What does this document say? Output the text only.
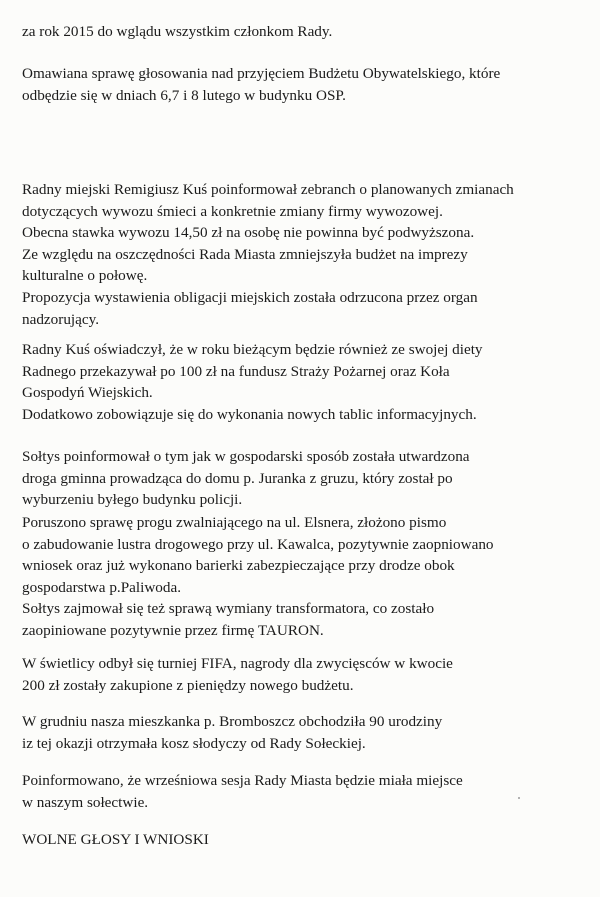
za rok 2015 do wglądu wszystkim członkom Rady.
Omawiana sprawę głosowania nad przyjęciem Budżetu Obywatelskiego, które
odbędzie się w dniach 6,7 i 8 lutego w budynku OSP.
Radny miejski Remigiusz Kuś poinformował zebranch o planowanych zmianach
dotyczących wywozu śmieci a konkretnie zmiany firmy wywozowej.
Obecna stawka wywozu 14,50 zł na osobę nie powinna być podwyższona.
Ze względu na oszczędności Rada Miasta zmniejszyła budżet na imprezy
kulturalne o połowę.
Propozycja wystawienia obligacji miejskich została odrzucona przez organ
nadzorujący.
Radny Kuś oświadczył, że w roku bieżącym będzie również ze swojej diety
Radnego przekazywał po 100 zł na fundusz Straży Pożarnej oraz Koła
Gospodyń Wiejskich.
Dodatkowo zobowiązuje się do wykonania nowych tablic informacyjnych.
Sołtys poinformował o tym jak w gospodarski sposób została utwardzona
droga gminna prowadząca do domu p. Juranka z gruzu, który został po
wyburzeniu byłego budynku policji.
Poruszono sprawę progu zwalniającego na ul. Elsnera, złożono pismo
o zabudowanie lustra drogowego przy ul. Kawalca, pozytywnie zaopniowano
wniosek oraz już wykonano barierki zabezpieczające przy drodze obok
gospodarstwa p.Paliwoda.
Sołtys zajmował się też sprawą wymiany transformatora, co zostało
zaopiniowane pozytywnie przez firmę TAURON.
W świetlicy odbył się turniej FIFA, nagrody dla zwycięsców w kwocie
200 zł zostały zakupione z pieniędzy nowego budżetu.
W grudniu nasza mieszkanka p. Bromboszcz obchodziła 90 urodziny
iz tej okazji otrzymała kosz słodyczy od Rady Sołeckiej.
Poinformowano, że wrześniowa sesja Rady Miasta będzie miała miejsce
w naszym sołectwie.
WOLNE GŁOSY I WNIOSKI
